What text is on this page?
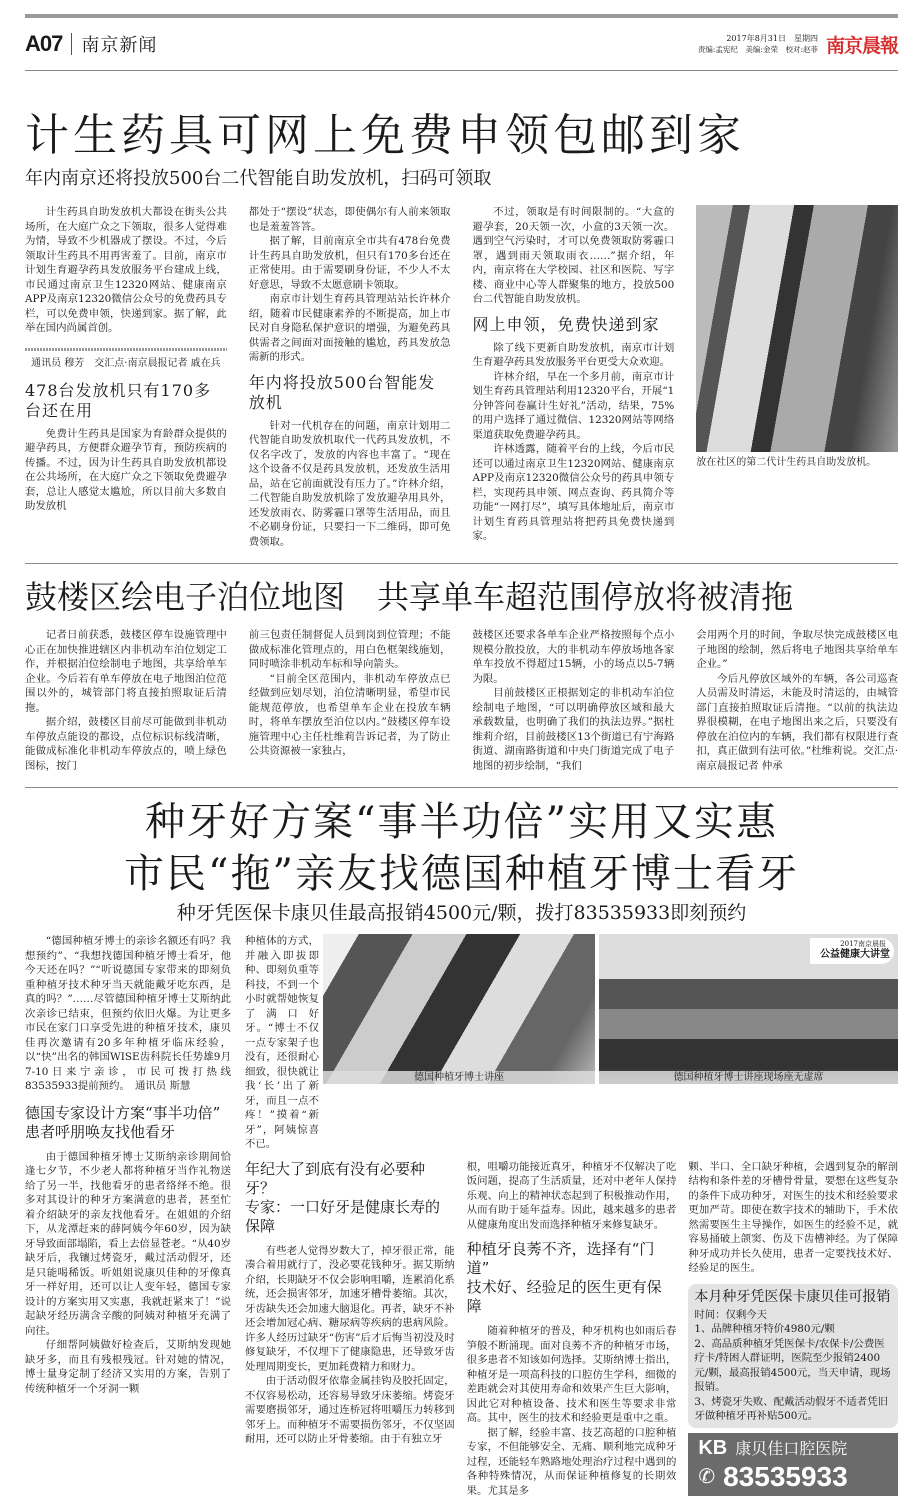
A07 南京新闻	2017年8月31日　星期四
责编:孟宪纪　美编:金荣　校对:赵菲 南京晨報
计生药具可网上免费申领包邮到家
年内南京还将投放500台二代智能自助发放机，扫码可领取

计生药具自助发放机大都设在街头公共场所，在大庭广众之下领取，很多人觉得难为情，导致不少机器成了摆设。不过，今后领取计生药具不用再害羞了。目前，南京市计划生育避孕药具发放服务平台建成上线，市民通过南京卫生12320网站、健康南京APP及南京12320微信公众号的免费药具专栏，可以免费申领，快递到家。据了解，此举在国内尚属首创。

通讯员 穆芳　交汇点·南京晨报记者 戚在兵
478台发放机只有170多台还在用

免费计生药具是国家为育龄群众提供的避孕药具，方便群众避孕节育，预防疾病的传播。不过，因为计生药具自助发放机都设在公共场所，在大庭广众之下领取免费避孕套，总让人感觉太尴尬，所以目前大多数自助发放机

都处于“摆设”状态，即使偶尔有人前来领取也是羞羞答答。

据了解，目前南京全市共有478台免费计生药具自助发放机，但只有170多台还在正常使用。由于需要刷身份证，不少人不太好意思，导致不太愿意刷卡领取。

南京市计划生育药具管理站站长许林介绍，随着市民健康素养的不断提高，加上市民对自身隐私保护意识的增强，为避免药具供需者之间面对面接触的尴尬，药具发放急需新的形式。

年内将投放500台智能发放机

针对一代机存在的问题，南京计划用二代智能自助发放机取代一代药具发放机，不仅名字改了，发放的内容也丰富了。“现在这个设备不仅是药具发放机，还发放生活用品，站在它前面就没有压力了。”许林介绍，二代智能自助发放机除了发放避孕用具外，还发放雨衣、防雾霾口罩等生活用品，而且不必刷身份证，只要扫一下二维码，即可免费领取。

不过，领取是有时间限制的。“大盒的避孕套，20天领一次，小盒的3天领一次。遇到空气污染时，才可以免费领取防雾霾口罩，遇到雨天领取雨衣……”据介绍，年内，南京将在大学校园、社区和医院、写字楼、商业中心等人群聚集的地方，投放500台二代智能自助发放机。

网上申领，免费快递到家

除了线下更新自助发放机，南京市计划生育避孕药具发放服务平台更受大众欢迎。

许林介绍，早在一个多月前，南京市计划生育药具管理站利用12320平台，开展“1分钟答问卷赢计生好礼”活动，结果，75%的用户选择了通过微信、12320网站等网络渠道获取免费避孕药具。

许林透露，随着平台的上线，今后市民还可以通过南京卫生12320网站、健康南京APP及南京12320微信公众号的药具申领专栏，实现药具申领、网点查询、药具简介等功能“一网打尽”，填写具体地址后，南京市计划生育药具管理站将把药具免费快递到家。

放在社区的第二代计生药具自助发放机。
鼓楼区绘电子泊位地图　共享单车超范围停放将被清拖

记者日前获悉，鼓楼区停车设施管理中心正在加快推进辖区内非机动车泊位划定工作，并根据泊位绘制电子地图，共享给单车企业。今后若有单车停放在电子地图泊位范围以外的，城管部门将直接拍照取证后清拖。

据介绍，鼓楼区目前尽可能做到非机动车停放点能设的都设，点位标识标线清晰，能做成标准化非机动车停放点的，喷上绿色图标，按门

前三包责任制督促人员到岗到位管理；不能做成标准化管理点的，用白色框架线施划，同时喷涂非机动车标和导向箭头。

“目前全区范围内，非机动车停放点已经做到应划尽划，泊位清晰明显，希望市民能规范停放，也希望单车企业在投放车辆时，将单车摆放至泊位以内。”鼓楼区停车设施管理中心主任杜维莉告诉记者，为了防止公共资源被一家独占，

鼓楼区还要求各单车企业严格按照每个点小规模分散投放，大的非机动车停放场地各家单车投放不得超过15辆，小的场点以5-7辆为限。

目前鼓楼区正根据划定的非机动车泊位绘制电子地图，“可以明确停放区域和最大承载数量，也明确了我们的执法边界。”据杜维莉介绍，目前鼓楼区13个街道已有宁海路街道、湖南路街道和中央门街道完成了电子地图的初步绘制，“我们

会用两个月的时间，争取尽快完成鼓楼区电子地图的绘制，然后将电子地图共享给单车企业。”

今后凡停放区域外的车辆，各公司巡查人员需及时清运，未能及时清运的，由城管部门直接拍照取证后清拖。“以前的执法边界很模糊，在电子地图出来之后，只要没有停放在泊位内的车辆，我们都有权限进行查扣，真正做到有法可依。”杜维莉说。交汇点·南京晨报记者 仲承

种牙好方案“事半功倍”实用又实惠
市民“拖”亲友找德国种植牙博士看牙
种牙凭医保卡康贝佳最高报销4500元/颗，拨打83535933即刻预约

“德国种植牙博士的亲诊名额还有吗？我想预约”、“我想找德国种植牙博士看牙，他今天还在吗？”“听说德国专家带来的即刻负重种植牙技术种牙当天就能戴牙吃东西，是真的吗？”……尽管德国种植牙博士艾斯纳此次亲诊已结束，但预约依旧火爆。为让更多市民在家门口享受先进的种植牙技术，康贝佳再次邀请有20多年种植牙临床经验，以“快”出名的韩国WISE齿科院长任势雄9月7-10日来宁亲诊，市民可拨打热线83535933提前预约。　通讯员 斯慧

德国专家设计方案“事半功倍”
患者呼朋唤友找他看牙

由于德国种植牙博士艾斯纳亲诊期间恰逢七夕节，不少老人都将种植牙当作礼物送给了另一半，找他看牙的患者络绎不绝。很多对其设计的种牙方案满意的患者，甚至忙着介绍缺牙的亲友找他看牙。在姐姐的介绍下，从龙潭赶来的薛阿姨今年60岁，因为缺牙导致面部塌陷，看上去倍显苍老。“从40岁缺牙后，我镶过烤瓷牙，戴过活动假牙，还是只能喝稀饭。听姐姐说康贝佳种的牙像真牙一样好用，还可以让人变年轻，德国专家设计的方案实用又实惠，我就赶紧来了！”说起缺牙经历满含辛酸的阿姨对种植牙充满了向往。

仔细帮阿姨做好检查后，艾斯纳发现她缺牙多，而且有残根残冠。针对她的情况，博士量身定制了经济又实用的方案，告别了传统种植牙一个牙洞一颗

种植体的方式，并融入即拔即种、即刻负重等科技，不到一个小时就帮她恢复了满口好牙。“博士不仅一点专家架子也没有，还很耐心细致，很快就让我‘长’出了新牙，而且一点不疼！”摸着“新牙”，阿姨惊喜不已。

德国种植牙博士讲座
2017南京晨报
公益健康大讲堂
德国种植牙博士讲座现场座无虚席
年纪大了到底有没有必要种牙？
专家：一口好牙是健康长寿的保障

有些老人觉得岁数大了，掉牙很正常，能凑合着用就行了，没必要花钱种牙。据艾斯纳介绍，长期缺牙不仅会影响咀嚼，连累消化系统，还会损害邻牙，加速牙槽骨萎缩。其次，牙齿缺失还会加速大脑退化。再者，缺牙不补还会增加冠心病、糖尿病等疾病的患病风险。许多人经历过缺牙“伤害”后才后悔当初没及时修复缺牙，不仅埋下了健康隐患，还导致牙齿处理周期变长，更加耗费精力和财力。

由于活动假牙依靠金属挂钩及胶托固定，不仅容易松动，还容易导致牙床萎缩。烤瓷牙需要磨损邻牙，通过连桥冠将咀嚼压力转移到邻牙上。而种植牙不需要损伤邻牙，不仅坚固耐用，还可以防止牙骨萎缩。由于有独立牙

根，咀嚼功能接近真牙，种植牙不仅解决了吃饭问题，提高了生活质量，还对中老年人保持乐观、向上的精神状态起到了积极推动作用，从而有助于延年益寿。因此，越来越多的患者从健康角度出发而选择种植牙来修复缺牙。

种植牙良莠不齐，选择有“门道”
技术好、经验足的医生更有保障

随着种植牙的普及，种牙机构也如雨后春笋般不断涌现。面对良莠不齐的种植牙市场，很多患者不知该如何选择。艾斯纳博士指出，种植牙是一项高科技的口腔仿生学科，细微的差距就会对其使用寿命和效果产生巨大影响，因此它对种植设备、技术和医生等要求非常高。其中，医生的技术和经验更是重中之重。

据了解，经验丰富、技艺高超的口腔种植专家，不但能够安全、无痛、顺利地完成种牙过程，还能轻车熟路地处理治疗过程中遇到的各种特殊情况，从而保证种植修复的长期效果。尤其是多

颗、半口、全口缺牙种植，会遇到复杂的解剖结构和条件差的牙槽骨骨量，要想在这些复杂的条件下成功种牙，对医生的技术和经验要求更加严苛。即使在数字技术的辅助下，手术依然需要医生主导操作，如医生的经验不足，就容易捅破上颌窦、伤及下齿槽神经。为了保障种牙成功并长久使用，患者一定要找技术好、经验足的医生。

本月种牙凭医保卡康贝佳可报销
时间：仅剩今天
1、品牌种植牙特价4980元/颗
2、高品质种植牙凭医保卡/农保卡/公费医疗卡/特困人群证明，医院至少报销2400元/颗，最高报销4500元，当天申请，现场报销。
3、烤瓷牙失败、配戴活动假牙不适者凭旧牙做种植牙再补贴500元。
KB 康贝佳口腔医院
✆ 83535933
